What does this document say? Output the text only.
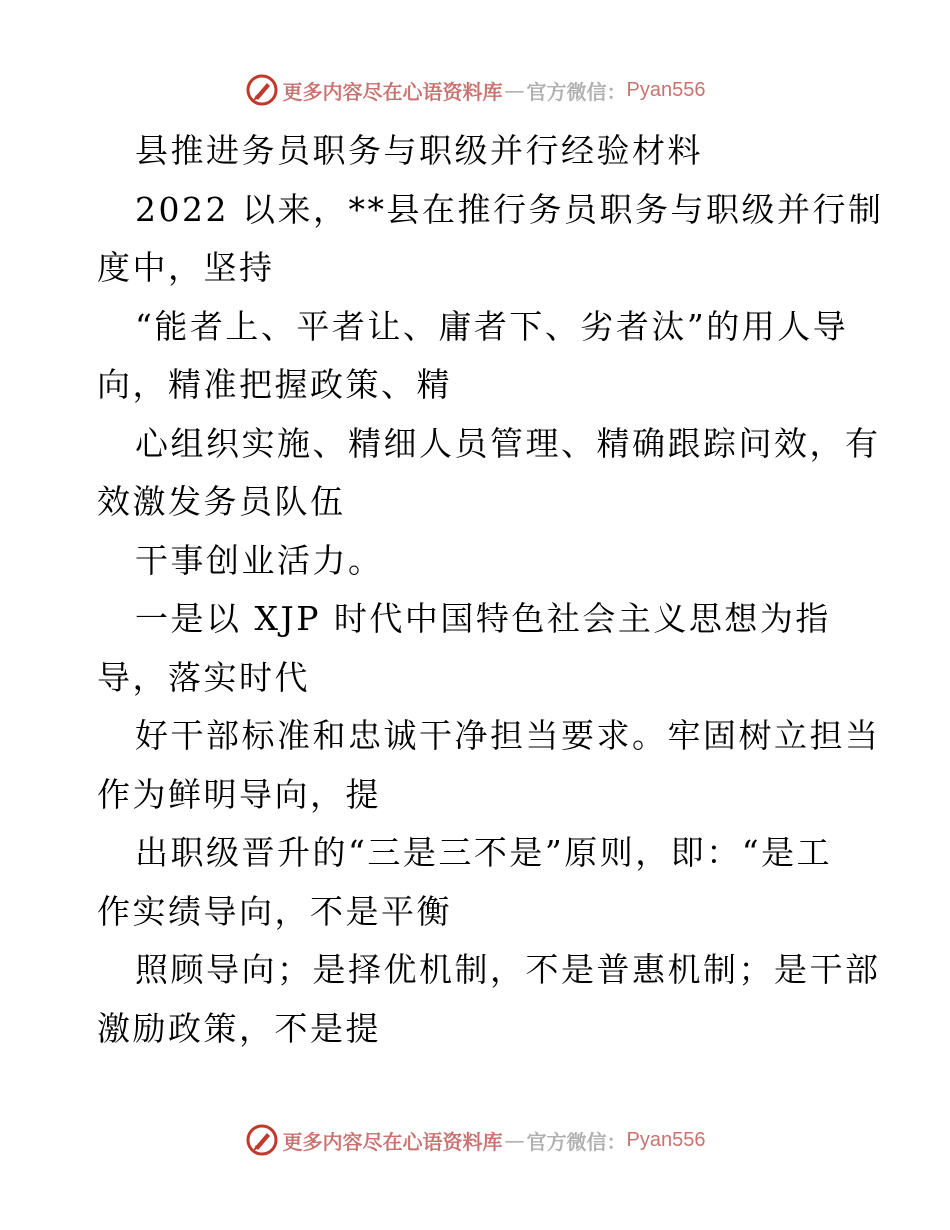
更多内容尽在心语资料库 — 官方微信： Pyan556
县推进务员职务与职级并行经验材料
2022 以来，**县在推行务员职务与职级并行制
度中，坚持
“能者上、平者让、庸者下、劣者汰”的用人导
向，精准把握政策、精
心组织实施、精细人员管理、精确跟踪问效，有
效激发务员队伍
干事创业活力。
一是以 XJP 时代中国特色社会主义思想为指
导，落实时代
好干部标准和忠诚干净担当要求。牢固树立担当
作为鲜明导向，提
出职级晋升的“三是三不是”原则，即：“是工
作实绩导向，不是平衡
照顾导向；是择优机制，不是普惠机制；是干部
激励政策，不是提
更多内容尽在心语资料库 — 官方微信： Pyan556
